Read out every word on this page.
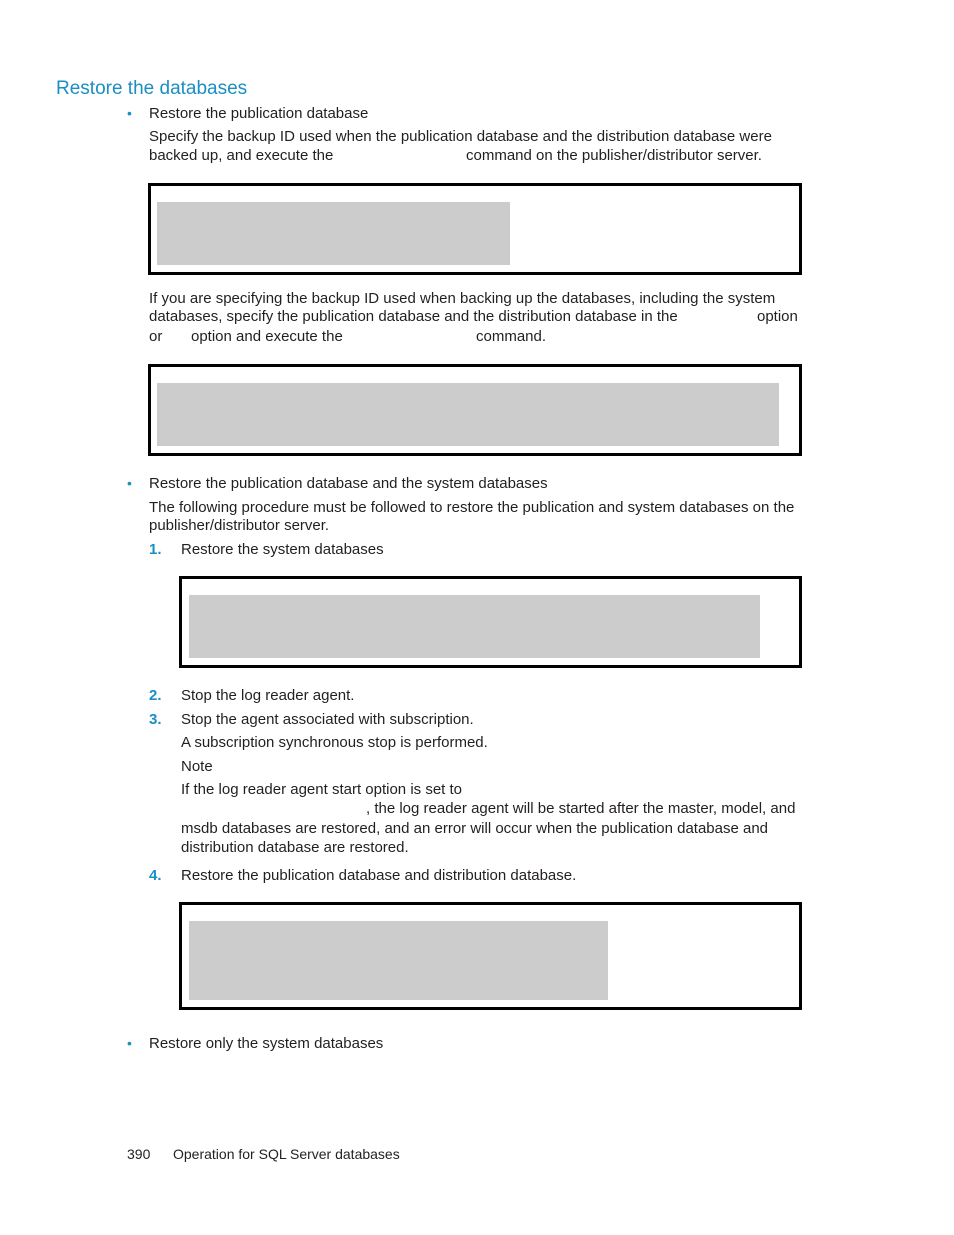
Restore the databases
• Restore the publication database
Specify the backup ID used when the publication database and the distribution database were
backed up, and execute the	command on the publisher/distributor server.
If you are specifying the backup ID used when backing up the databases, including the system
databases, specify the publication database and the distribution database in the	option
or option and execute the	command.
• Restore the publication database and the system databases
The following procedure must be followed to restore the publication and system databases on the
publisher/distributor server.
1. Restore the system databases
2. Stop the log reader agent.
3. Stop the agent associated with subscription.
A subscription synchronous stop is performed.
Note
If the log reader agent start option is set to
, the log reader agent will be started after the master, model, and
msdb databases are restored, and an error will occur when the publication database and
distribution database are restored.
4. Restore the publication database and distribution database.
• Restore only the system databases
390 Operation for SQL Server databases
